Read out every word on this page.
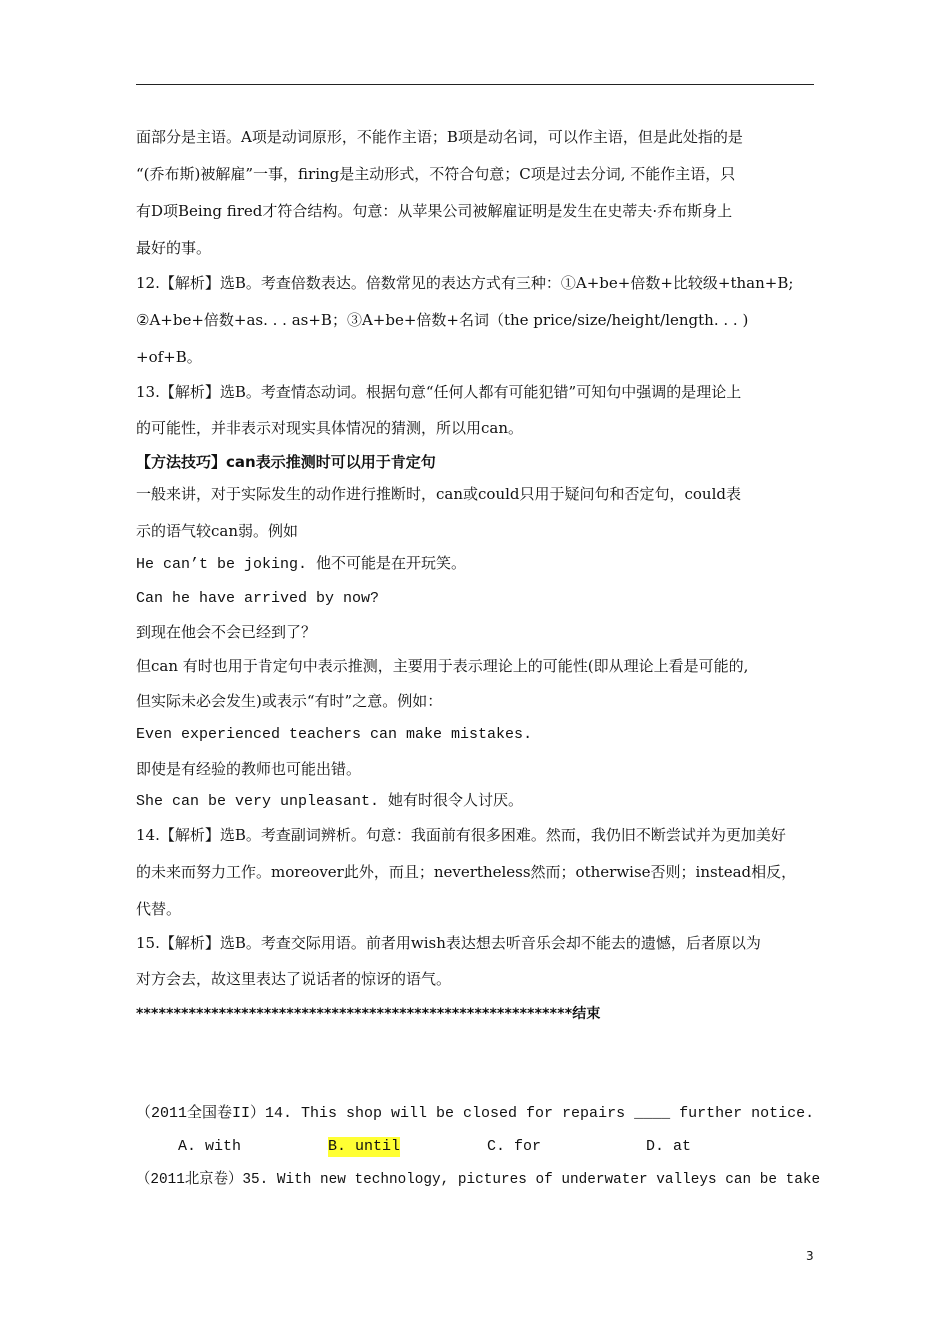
面部分是主语。A项是动词原形，不能作主语；B项是动名词，可以作主语，但是此处指的是
“(乔布斯)被解雇”一事，firing是主动形式，不符合句意；C项是过去分词, 不能作主语，只
有D项Being fired才符合结构。句意：从苹果公司被解雇证明是发生在史蒂夫·乔布斯身上
最好的事。
12.【解析】选B。考查倍数表达。倍数常见的表达方式有三种：①A+be+倍数+比较级+than+B;
②A+be+倍数+as. . . as+B；③A+be+倍数+名词（the price/size/height/length. . . )
+of+B。
13.【解析】选B。考查情态动词。根据句意“任何人都有可能犯错”可知句中强调的是理论上
的可能性，并非表示对现实具体情况的猜测，所以用can。
【方法技巧】can表示推测时可以用于肯定句
一般来讲，对于实际发生的动作进行推断时，can或could只用于疑问句和否定句，could表
示的语气较can弱。例如
He can’t be joking. 他不可能是在开玩笑。
Can he have arrived by now?
到现在他会不会已经到了？
但can 有时也用于肯定句中表示推测，主要用于表示理论上的可能性(即从理论上看是可能的,
但实际未必会发生)或表示“有时”之意。例如：
Even experienced teachers can make mistakes.
即使是有经验的教师也可能出错。
She can be very unpleasant. 她有时很令人讨厌。
14.【解析】选B。考查副词辨析。句意：我面前有很多困难。然而，我仍旧不断尝试并为更加美好
的未来而努力工作。moreover此外，而且；nevertheless然而；otherwise否则；instead相反，
代替。
15.【解析】选B。考查交际用语。前者用wish表达想去听音乐会却不能去的遗憾，后者原以为
对方会去，故这里表达了说话者的惊讶的语气。
**********************************************************结束
（2011全国卷II）14. This shop will be closed for repairs ____ further notice.
A. with	B. until	C. for	D. at
（2011北京卷）35. With new technology, pictures of underwater valleys can be take
3
